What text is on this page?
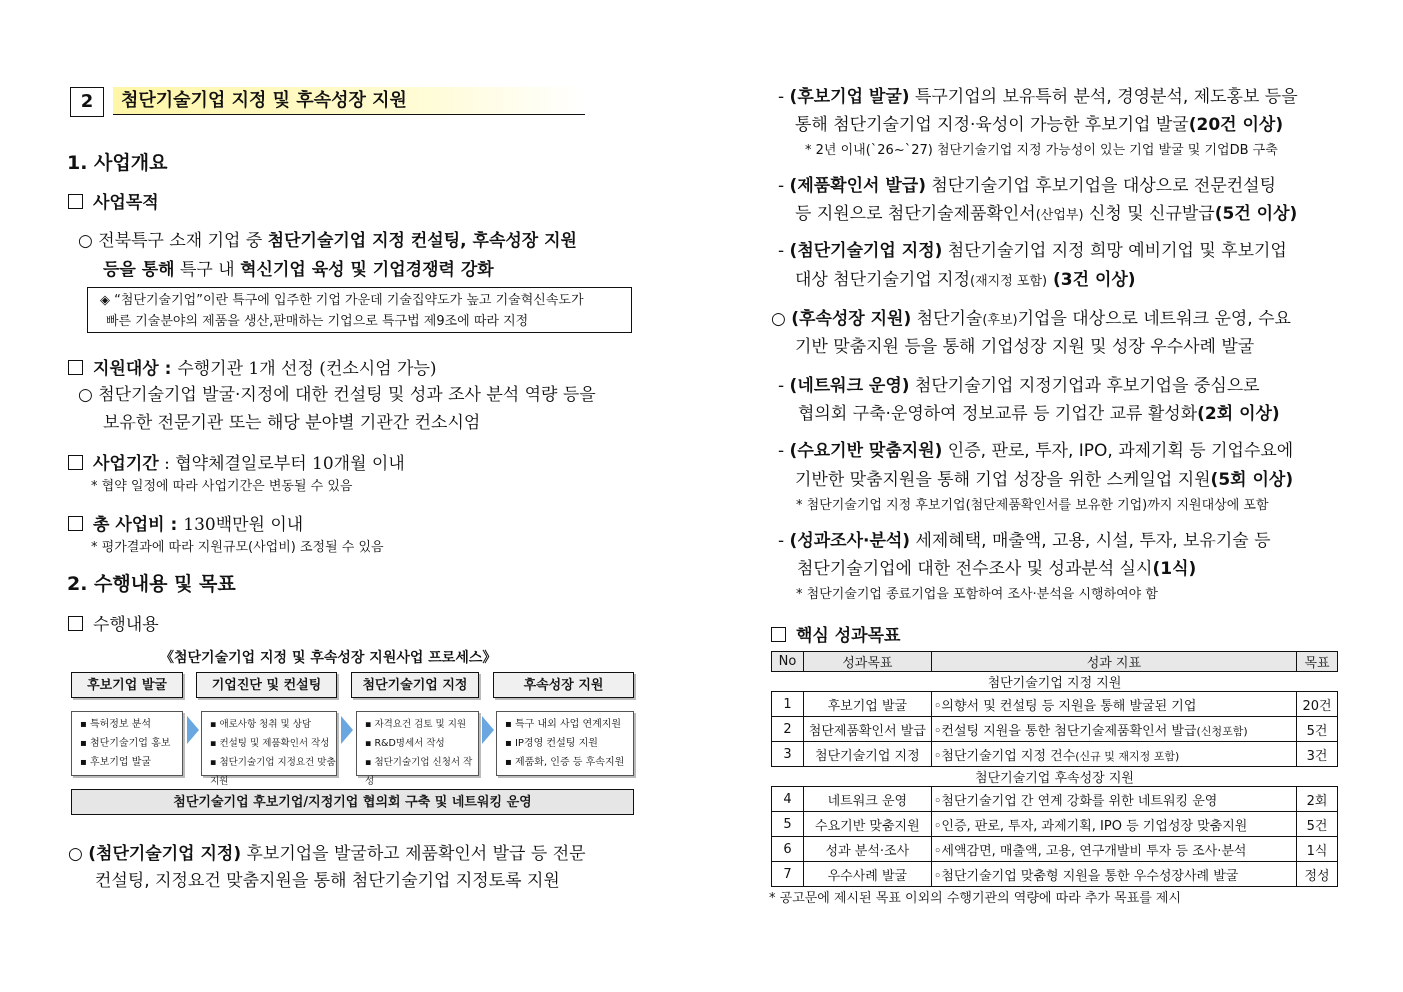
2	첨단기술기업 지정 및 후속성장 지원
1. 사업개요
사업목적
○ 전북특구 소재 기업 중 첨단기술기업 지정 컨설팅, 후속성장 지원
등을 통해 특구 내 혁신기업 육성 및 기업경쟁력 강화
◈ “첨단기술기업”이란 특구에 입주한 기업 가운데 기술집약도가 높고 기술혁신속도가
빠른 기술분야의 제품을 생산,판매하는 기업으로 특구법 제9조에 따라 지정
지원대상 : 수행기관 1개 선정 (컨소시엄 가능)
○ 첨단기술기업 발굴·지정에 대한 컨설팅 및 성과 조사 분석 역량 등을
보유한 전문기관 또는 해당 분야별 기관간 컨소시엄
사업기간 : 협약체결일로부터 10개월 이내
* 협약 일정에 따라 사업기간은 변동될 수 있음
총 사업비 : 130백만원 이내
* 평가결과에 따라 지원규모(사업비) 조정될 수 있음
2. 수행내용 및 목표
수행내용
《첨단기술기업 지정 및 후속성장 지원사업 프로세스》
후보기업 발굴	기업진단 및 컨설팅	첨단기술기업 지정	후속성장 지원
▪ 특허정보 분석
▪ 첨단기술기업 홍보
▪ 후보기업 발굴
▪ 애로사항 청취 및 상담
▪ 컨설팅 및 제품확인서 작성
▪ 첨단기술기업 지정요건 맞춤지원
▪ 자격요건 검토 및 지원
▪ R&D명세서 작성
▪ 첨단기술기업 신청서 작성
▪ 특구 내외 사업 연계지원
▪ IP경영 컨설팅 지원
▪ 제품화, 인증 등 후속지원
첨단기술기업 후보기업/지정기업 협의회 구축 및 네트워킹 운영
○ (첨단기술기업 지정) 후보기업을 발굴하고 제품확인서 발급 등 전문
컨설팅, 지정요건 맞춤지원을 통해 첨단기술기업 지정토록 지원
- (후보기업 발굴) 특구기업의 보유특허 분석, 경영분석, 제도홍보 등을
통해 첨단기술기업 지정·육성이 가능한 후보기업 발굴(20건 이상)
* 2년 이내(`26~`27) 첨단기술기업 지정 가능성이 있는 기업 발굴 및 기업DB 구축
- (제품확인서 발급) 첨단기술기업 후보기업을 대상으로 전문컨설팅
등 지원으로 첨단기술제품확인서(산업부) 신청 및 신규발급(5건 이상)
- (첨단기술기업 지정) 첨단기술기업 지정 희망 예비기업 및 후보기업
대상 첨단기술기업 지정(재지정 포함) (3건 이상)
○ (후속성장 지원) 첨단기술(후보)기업을 대상으로 네트워크 운영, 수요
기반 맞춤지원 등을 통해 기업성장 지원 및 성장 우수사례 발굴
- (네트워크 운영) 첨단기술기업 지정기업과 후보기업을 중심으로
협의회 구축·운영하여 정보교류 등 기업간 교류 활성화(2회 이상)
- (수요기반 맞춤지원) 인증, 판로, 투자, IPO, 과제기획 등 기업수요에
기반한 맞춤지원을 통해 기업 성장을 위한 스케일업 지원(5회 이상)
* 첨단기술기업 지정 후보기업(첨단제품확인서를 보유한 기업)까지 지원대상에 포함
- (성과조사·분석) 세제혜택, 매출액, 고용, 시설, 투자, 보유기술 등
첨단기술기업에 대한 전수조사 및 성과분석 실시(1식)
* 첨단기술기업 종료기업을 포함하여 조사·분석을 시행하여야 함
핵심 성과목표
No	성과목표	성과 지표	목표
첨단기술기업 지정 지원			
1	후보기업 발굴	◦의향서 및 컨설팅 등 지원을 통해 발굴된 기업	20건
2	첨단제품확인서 발급	◦컨설팅 지원을 통한 첨단기술제품확인서 발급(신청포함)	5건
3	첨단기술기업 지정	◦첨단기술기업 지정 건수(신규 및 재지정 포함)	3건
첨단기술기업 후속성장 지원			
4	네트워크 운영	◦첨단기술기업 간 연계 강화를 위한 네트워킹 운영	2회
5	수요기반 맞춤지원	◦인증, 판로, 투자, 과제기획, IPO 등 기업성장 맞춤지원	5건
6	성과 분석·조사	◦세액감면, 매출액, 고용, 연구개발비 투자 등 조사·분석	1식
7	우수사례 발굴	◦첨단기술기업 맞춤형 지원을 통한 우수성장사례 발굴	정성
* 공고문에 제시된 목표 이외의 수행기관의 역량에 따라 추가 목표를 제시
